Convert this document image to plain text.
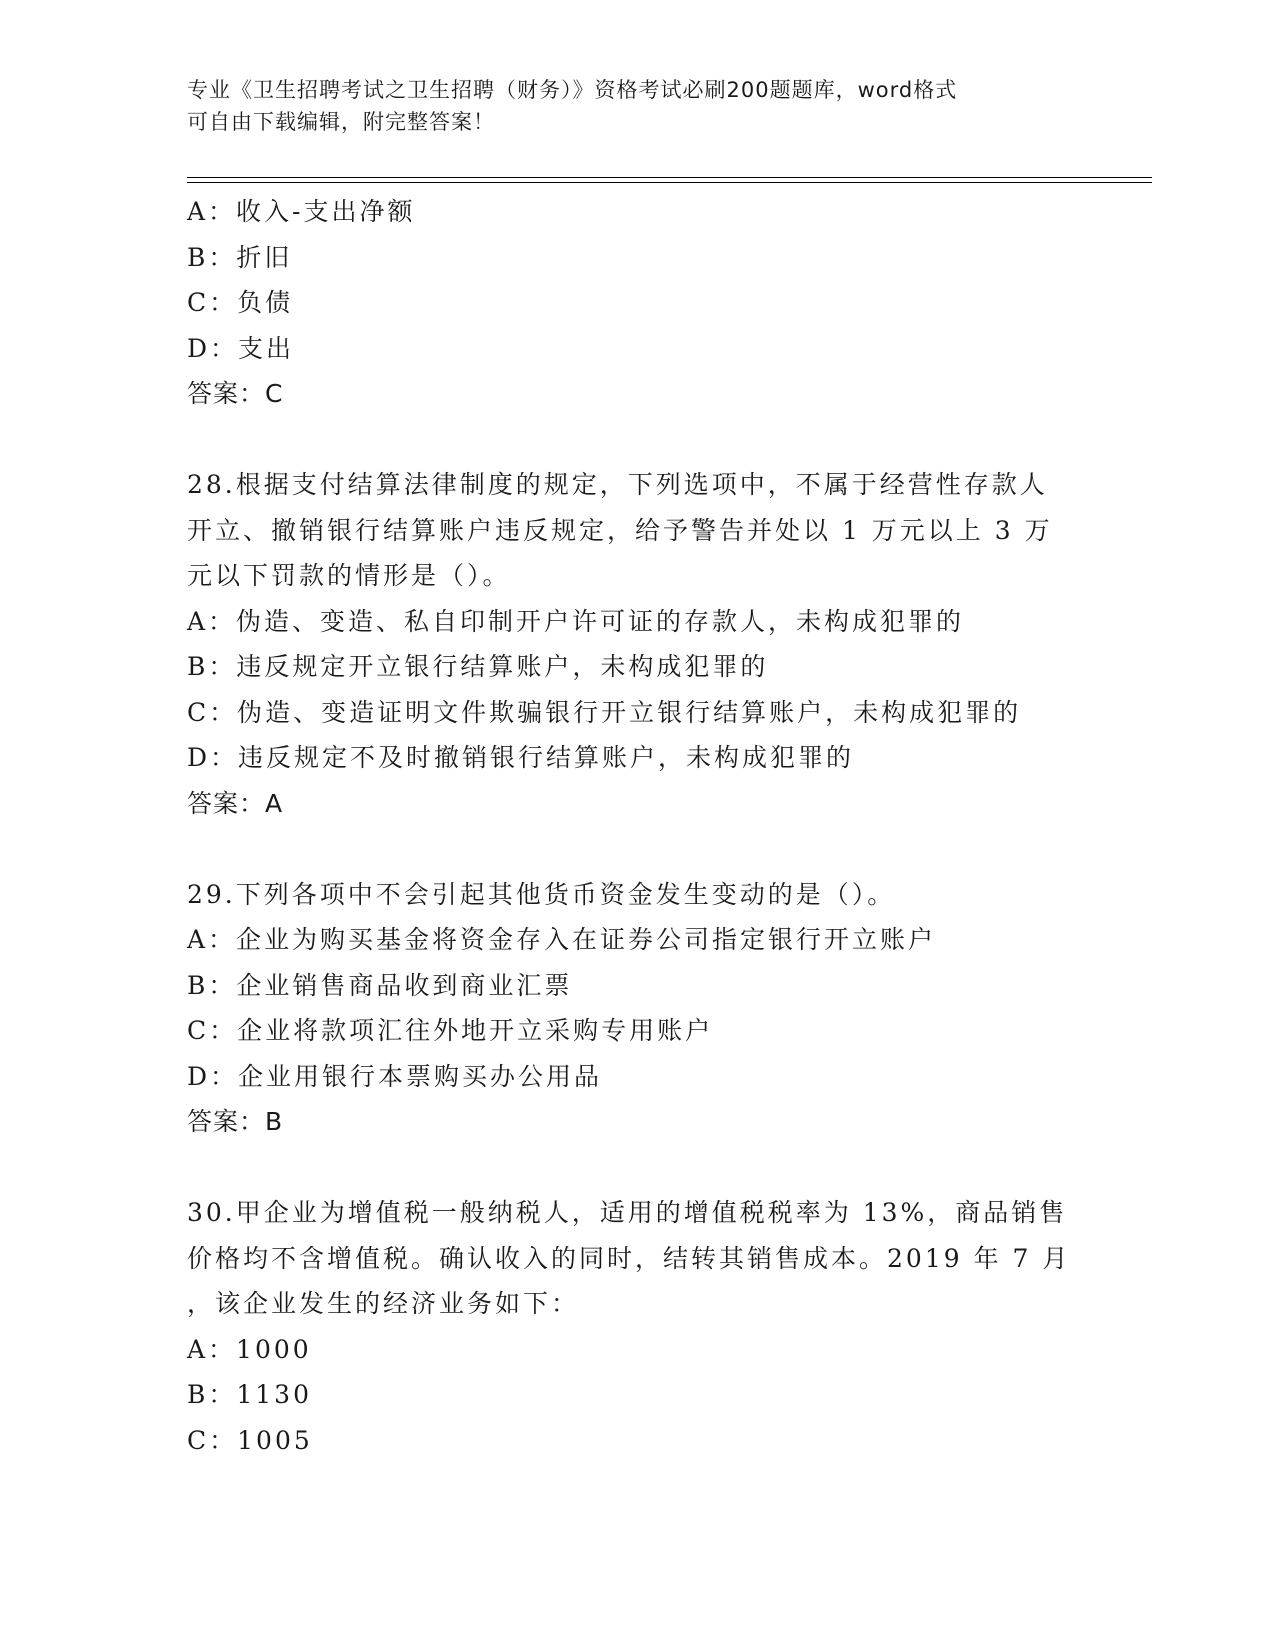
专业《卫生招聘考试之卫生招聘（财务）》资格考试必刷200题题库，word格式
可自由下载编辑，附完整答案！
A：收入-支出净额
B：折旧
C：负债
D：支出
答案：C
28.根据支付结算法律制度的规定，下列选项中，不属于经营性存款人
开立、撤销银行结算账户违反规定，给予警告并处以 1 万元以上 3 万
元以下罚款的情形是（）。
A：伪造、变造、私自印制开户许可证的存款人，未构成犯罪的
B：违反规定开立银行结算账户，未构成犯罪的
C：伪造、变造证明文件欺骗银行开立银行结算账户，未构成犯罪的
D：违反规定不及时撤销银行结算账户，未构成犯罪的
答案：A
29.下列各项中不会引起其他货币资金发生变动的是（）。
A：企业为购买基金将资金存入在证券公司指定银行开立账户
B：企业销售商品收到商业汇票
C：企业将款项汇往外地开立采购专用账户
D：企业用银行本票购买办公用品
答案：B
30.甲企业为增值税一般纳税人，适用的增值税税率为 13%，商品销售
价格均不含增值税。确认收入的同时，结转其销售成本。2019 年 7 月
，该企业发生的经济业务如下：
A：1000
B：1130
C：1005
